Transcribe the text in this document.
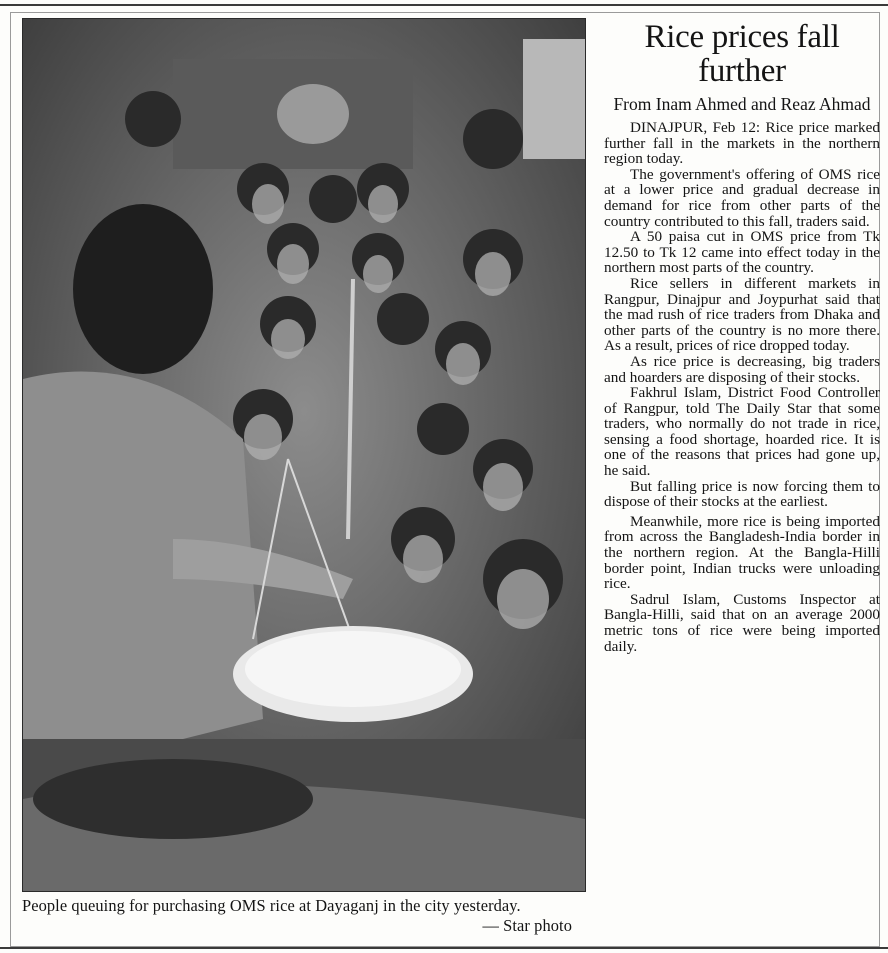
People queuing for purchasing OMS rice at Dayaganj in the city yesterday.
— Star photo
Rice prices fall further
From Inam Ahmed and Reaz Ahmad

DINAJPUR, Feb 12: Rice price marked further fall in the markets in the northern region today.

The government's offering of OMS rice at a lower price and gradual decrease in demand for rice from other parts of the country contributed to this fall, traders said.

A 50 paisa cut in OMS price from Tk 12.50 to Tk 12 came into effect today in the northern most parts of the country.

Rice sellers in different markets in Rangpur, Dinajpur and Joypurhat said that the mad rush of rice traders from Dhaka and other parts of the country is no more there. As a result, prices of rice dropped today.

As rice price is decreasing, big traders and hoarders are disposing of their stocks.

Fakhrul Islam, District Food Controller of Rangpur, told The Daily Star that some traders, who normally do not trade in rice, sensing a food shortage, hoarded rice. It is one of the reasons that prices had gone up, he said.

But falling price is now forcing them to dispose of their stocks at the earliest.

Meanwhile, more rice is being imported from across the Bangladesh-India border in the northern region. At the Bangla-Hilli border point, Indian trucks were unloading rice.

Sadrul Islam, Customs Inspector at Bangla-Hilli, said that on an average 2000 metric tons of rice were being imported daily.
